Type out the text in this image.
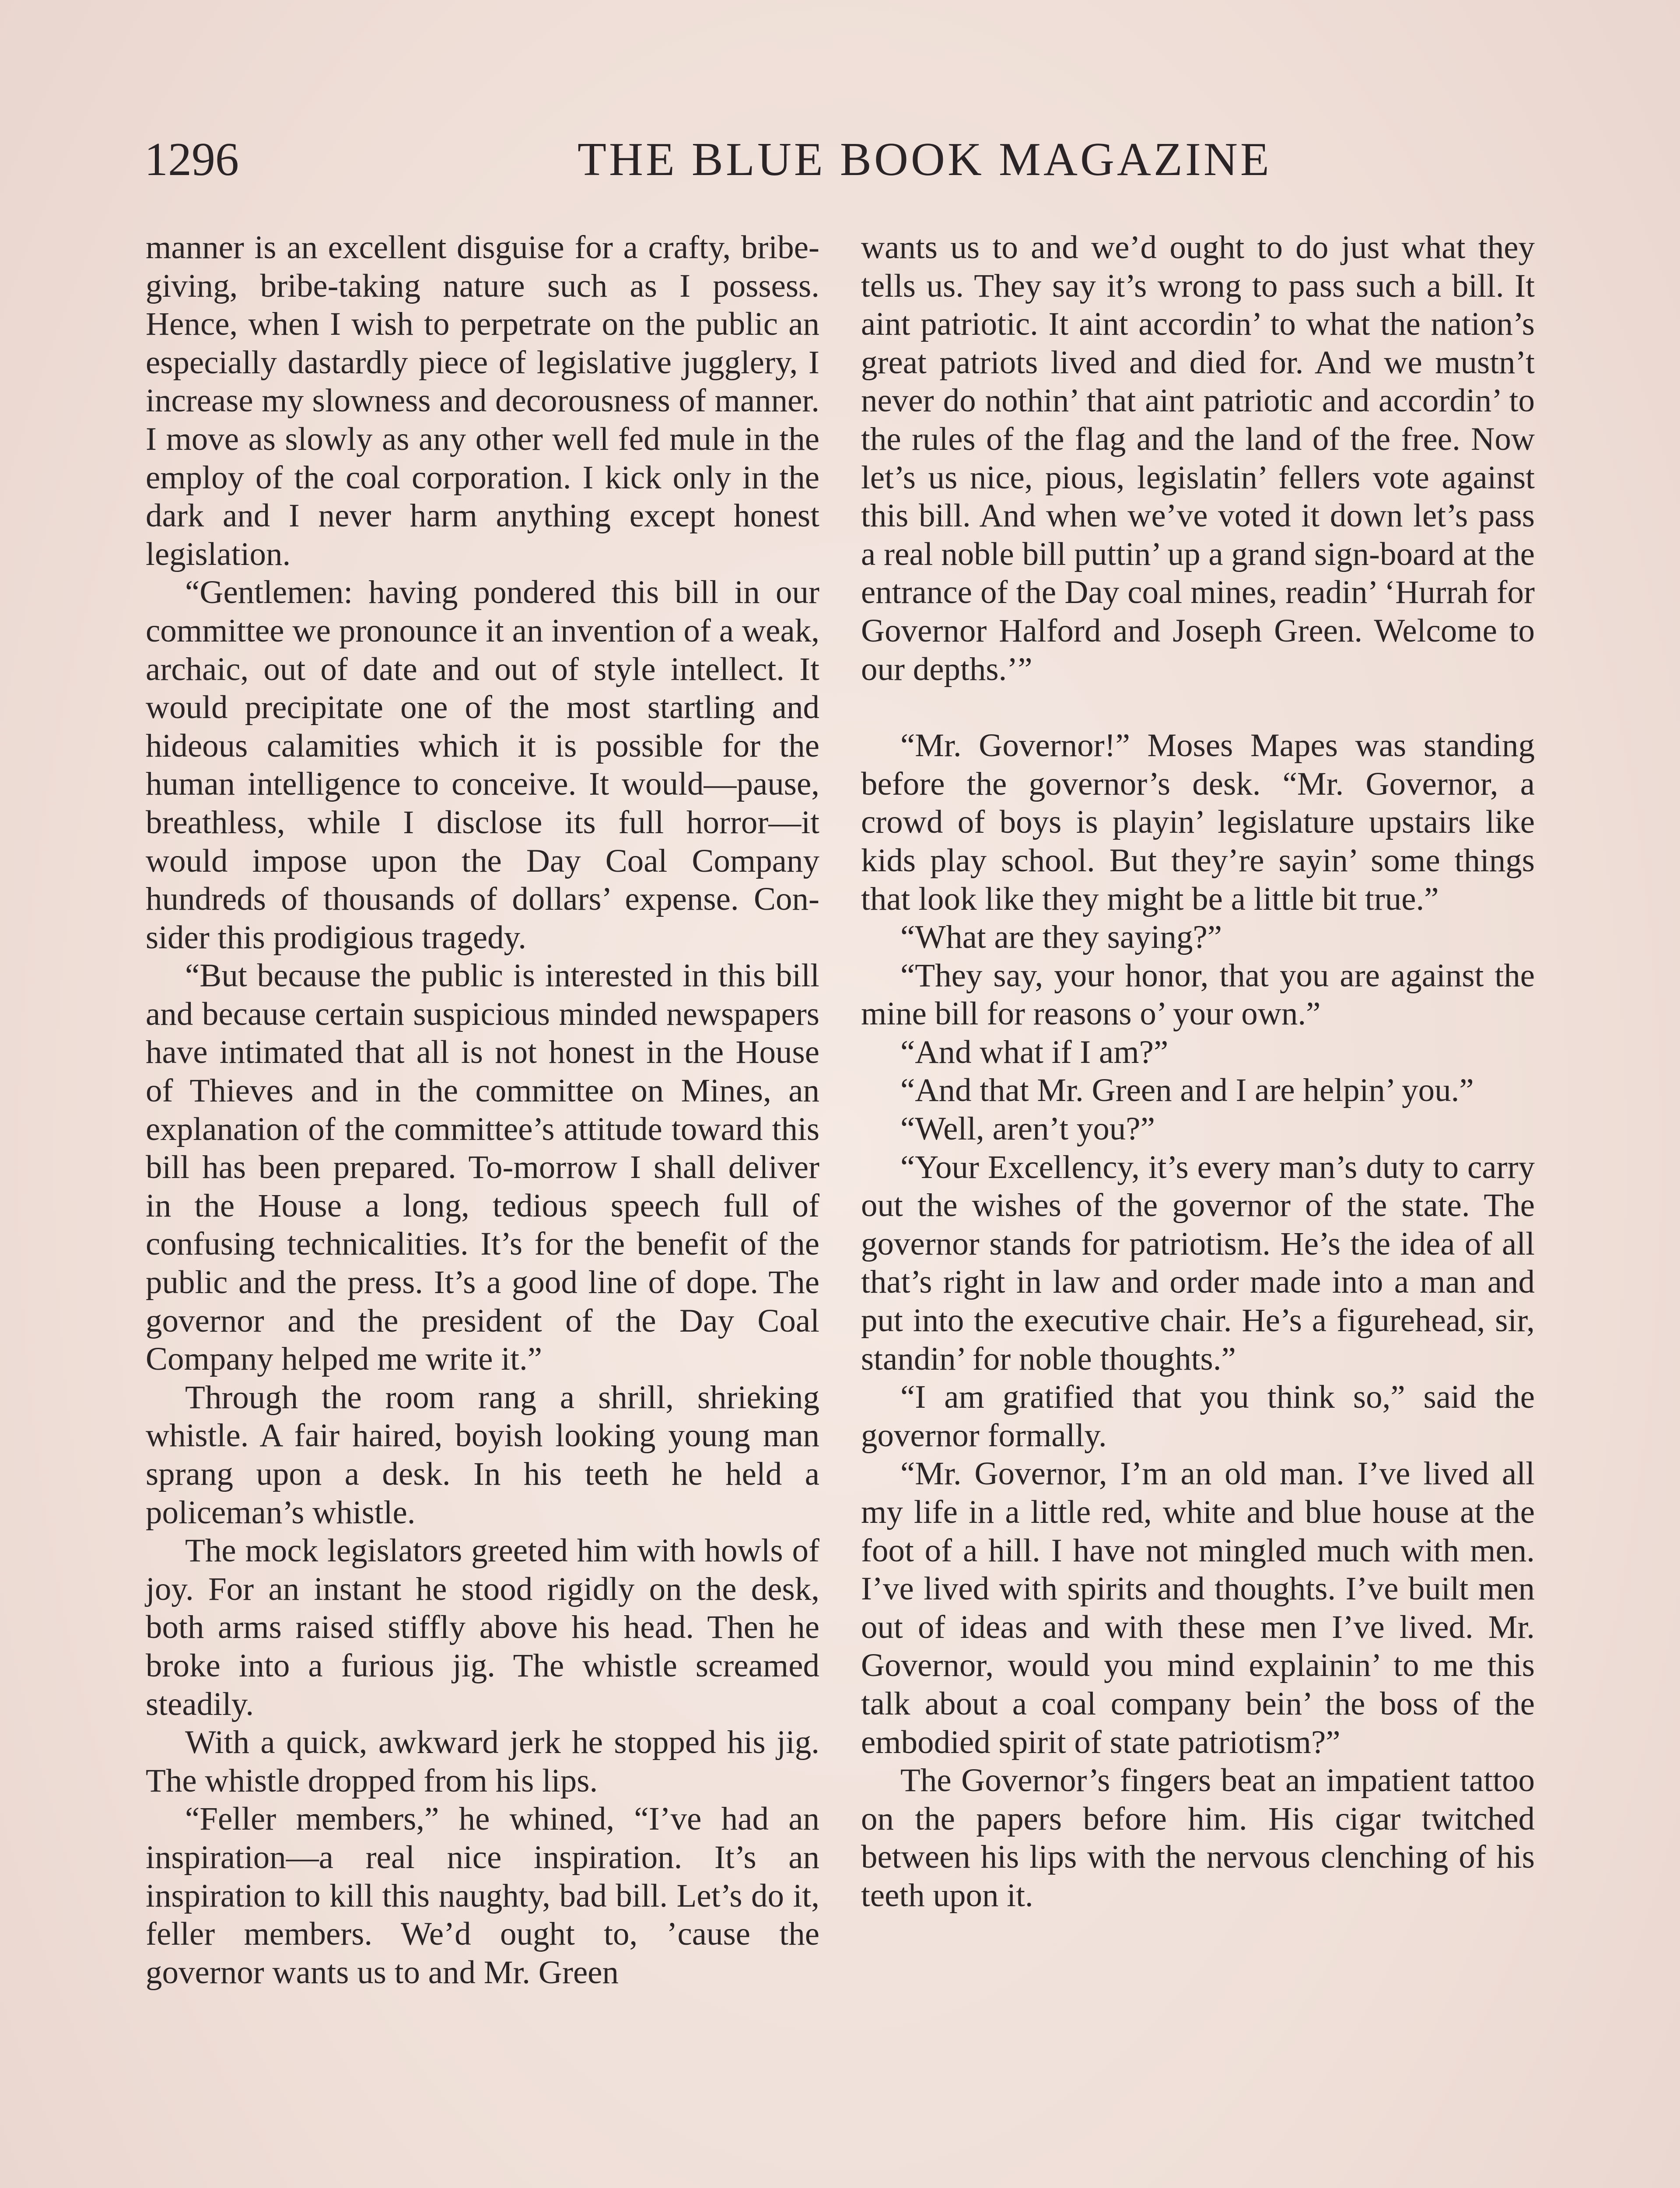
1296	THE BLUE BOOK MAGAZINE

manner is an excellent disguise for a crafty, bribe-giving, bribe-taking nature such as I possess. Hence, when I wish to perpetrate on the public an especially dastardly piece of legislative jugglery, I increase my slowness and decorousness of manner. I move as slowly as any other well fed mule in the employ of the coal corporation. I kick only in the dark and I never harm anything except honest legislation.

“Gentlemen: having pondered this bill in our committee we pronounce it an invention of a weak, archaic, out of date and out of style intellect. It would precipitate one of the most startling and hideous calamities which it is possible for the human intelligence to conceive. It would—pause, breathless, while I disclose its full horror—it would impose upon the Day Coal Company hundreds of thousands of dollars’ expense. Consider this prodigious tragedy.

“But because the public is interested in this bill and because certain suspicious minded newspapers have intimated that all is not honest in the House of Thieves and in the committee on Mines, an explanation of the committee’s attitude toward this bill has been prepared. To-morrow I shall deliver in the House a long, tedious speech full of confusing technicalities. It’s for the benefit of the public and the press. It’s a good line of dope. The governor and the president of the Day Coal Company helped me write it.”

Through the room rang a shrill, shrieking whistle. A fair haired, boyish looking young man sprang upon a desk. In his teeth he held a policeman’s whistle.

The mock legislators greeted him with howls of joy. For an instant he stood rigidly on the desk, both arms raised stiffly above his head. Then he broke into a furious jig. The whistle screamed steadily.

With a quick, awkward jerk he stopped his jig. The whistle dropped from his lips.

“Feller members,” he whined, “I’ve had an inspiration—a real nice inspiration. It’s an inspiration to kill this naughty, bad bill. Let’s do it, feller members. We’d ought to, ’cause the governor wants us to and Mr. Green

wants us to and we’d ought to do just what they tells us. They say it’s wrong to pass such a bill. It aint patriotic. It aint accordin’ to what the nation’s great patriots lived and died for. And we mustn’t never do nothin’ that aint patriotic and accordin’ to the rules of the flag and the land of the free. Now let’s us nice, pious, legislatin’ fellers vote against this bill. And when we’ve voted it down let’s pass a real noble bill puttin’ up a grand sign-board at the entrance of the Day coal mines, readin’ ‘Hurrah for Governor Halford and Joseph Green. Welcome to our depths.’”

“Mr. Governor!” Moses Mapes was standing before the governor’s desk. “Mr. Governor, a crowd of boys is playin’ legislature upstairs like kids play school. But they’re sayin’ some things that look like they might be a little bit true.”

“What are they saying?”

“They say, your honor, that you are against the mine bill for reasons o’ your own.”

“And what if I am?”

“And that Mr. Green and I are helpin’ you.”

“Well, aren’t you?”

“Your Excellency, it’s every man’s duty to carry out the wishes of the governor of the state. The governor stands for patriotism. He’s the idea of all that’s right in law and order made into a man and put into the executive chair. He’s a figurehead, sir, standin’ for noble thoughts.”

“I am gratified that you think so,” said the governor formally.

“Mr. Governor, I’m an old man. I’ve lived all my life in a little red, white and blue house at the foot of a hill. I have not mingled much with men. I’ve lived with spirits and thoughts. I’ve built men out of ideas and with these men I’ve lived. Mr. Governor, would you mind explainin’ to me this talk about a coal company bein’ the boss of the embodied spirit of state patriotism?”

The Governor’s fingers beat an impatient tattoo on the papers before him. His cigar twitched between his lips with the nervous clenching of his teeth upon it.
